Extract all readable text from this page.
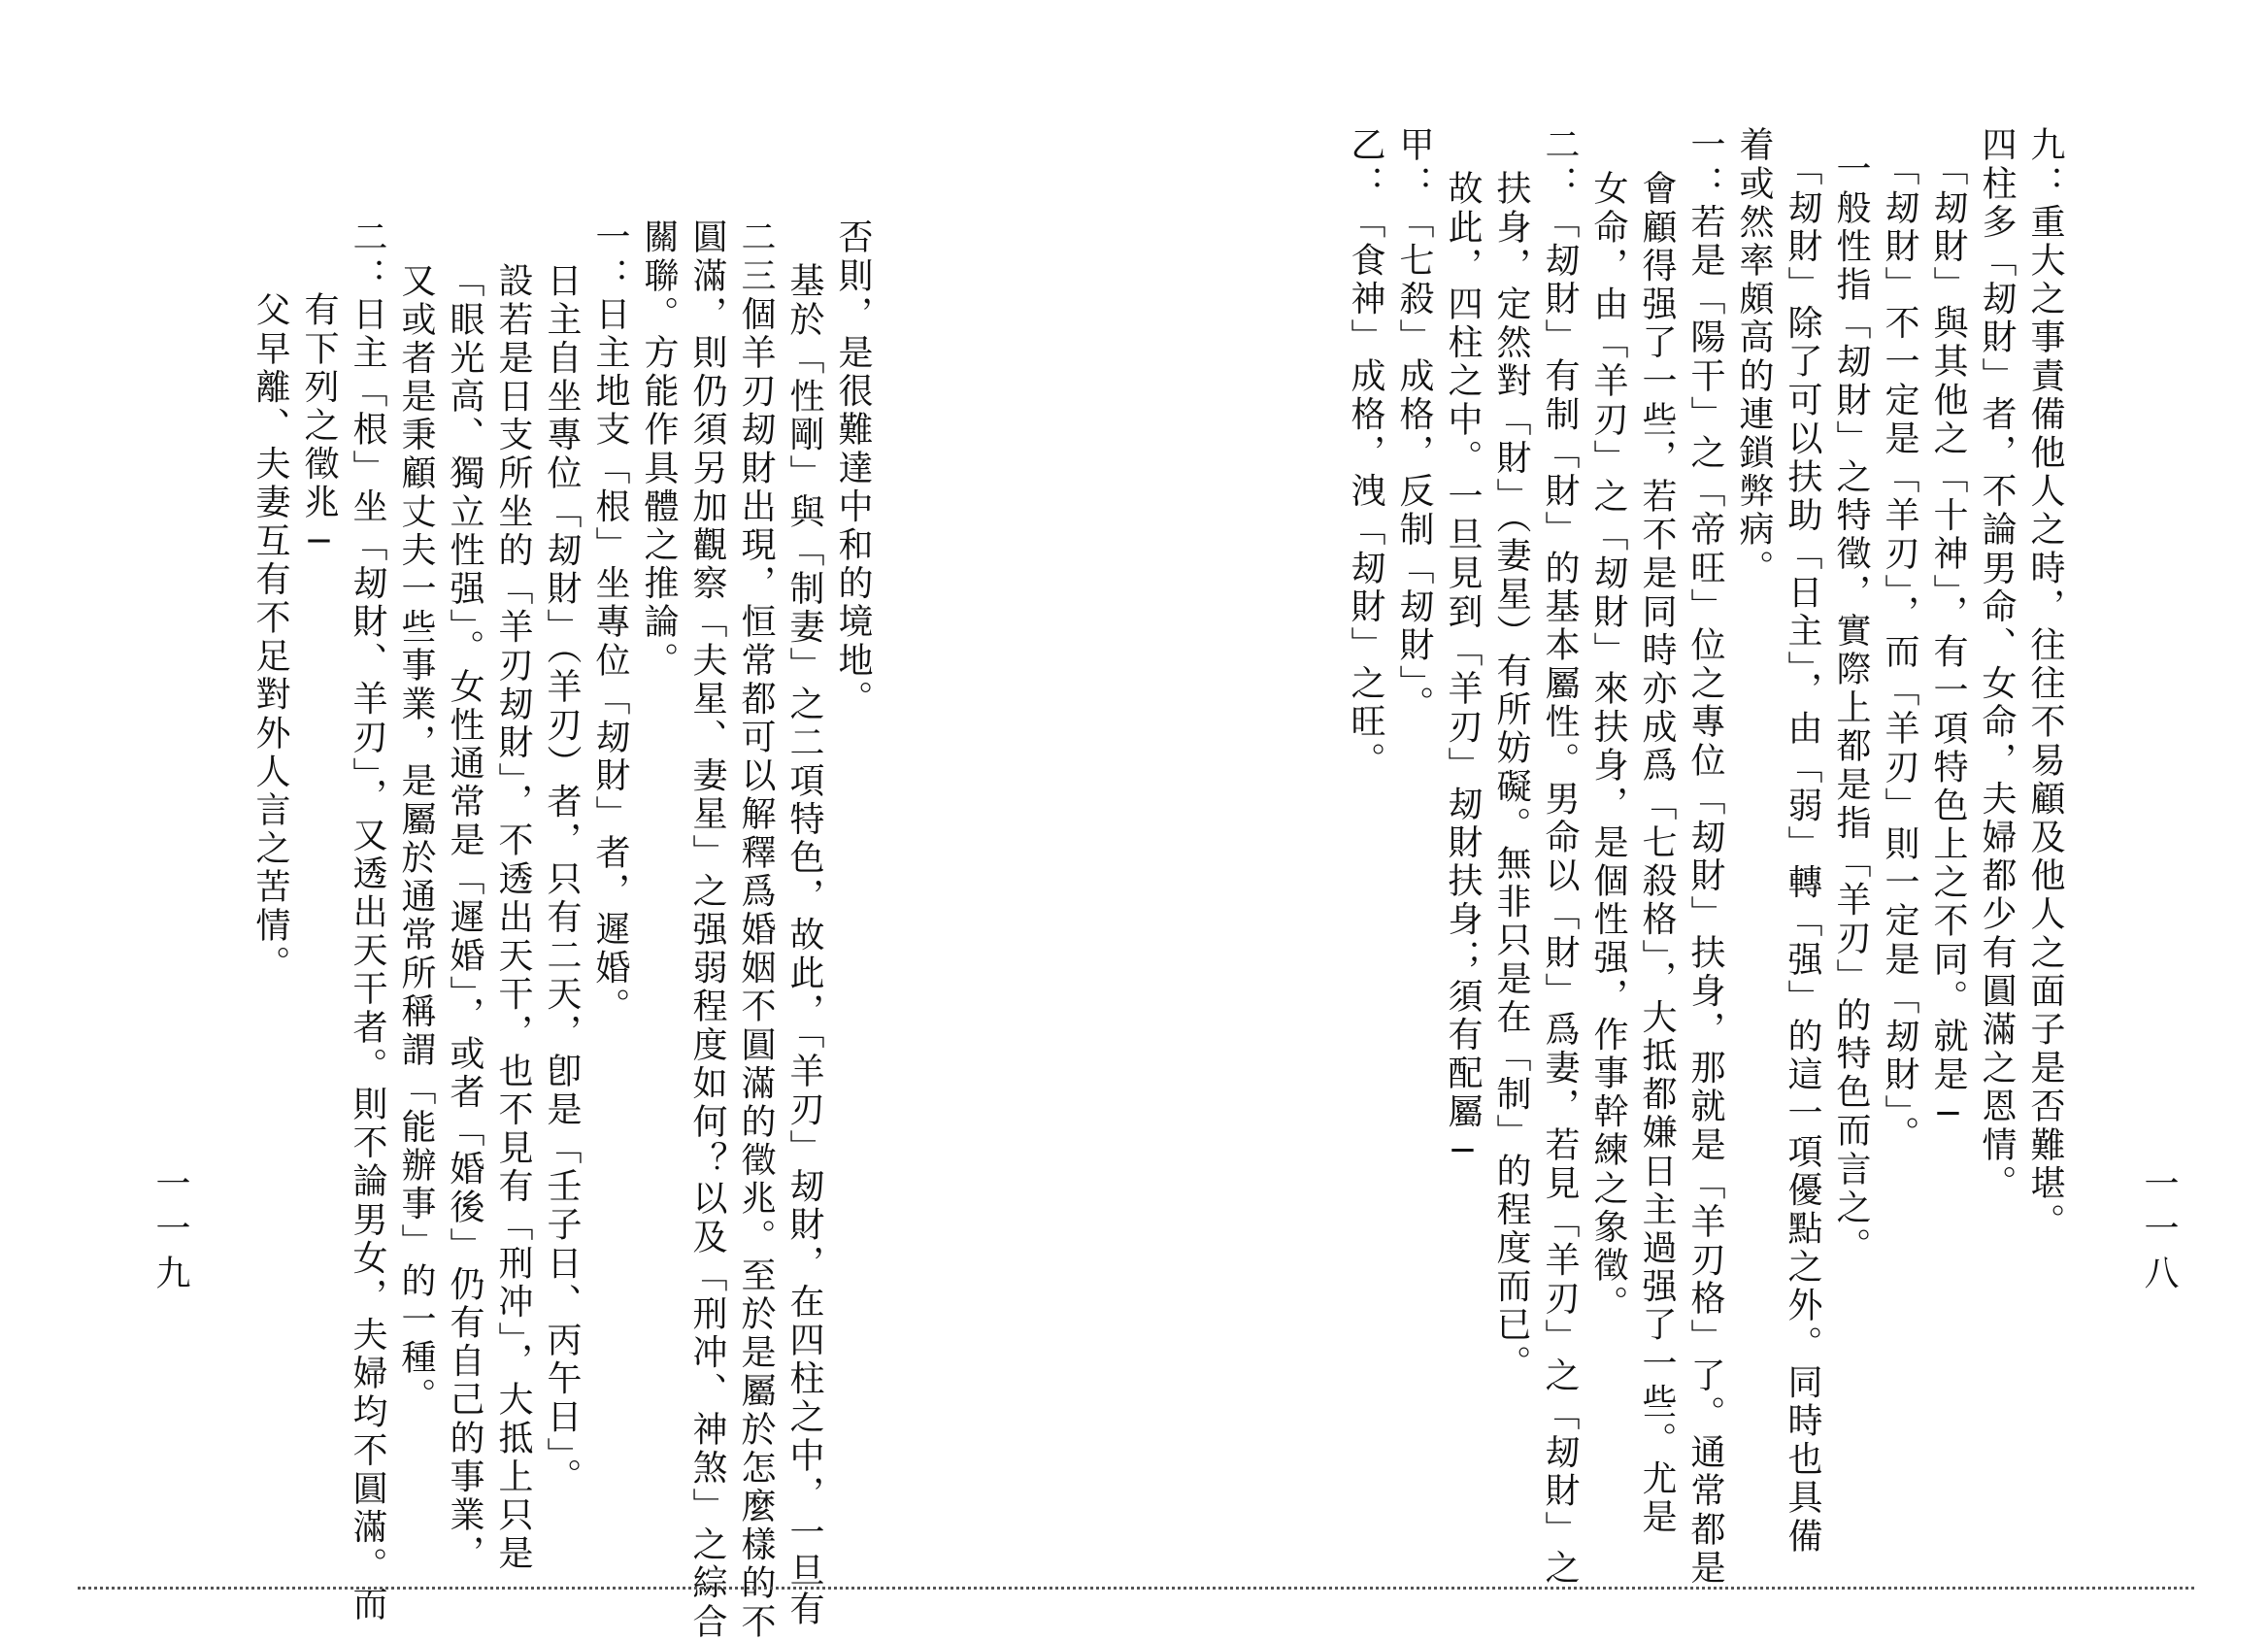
九：重大之事責備他人之時，往往不易顧及他人之面子是否難堪。
四柱多「刼財」者，不論男命、女命，夫婦都少有圓滿之恩情。
「刼財」與其他之「十神」，有一項特色上之不同。就是─
「刼財」不一定是「羊刃」，而「羊刃」則一定是「刼財」。
一般性指「刼財」之特徵，實際上都是指「羊刃」的特色而言之。
「刼財」除了可以扶助「日主」，由「弱」轉「强」的這一項優點之外。同時也具備
着或然率頗高的連鎖弊病。
一：若是「陽干」之「帝旺」位之專位「刼財」扶身，那就是「羊刃格」了。通常都是
會顧得强了一些，若不是同時亦成爲「七殺格」，大抵都嫌日主過强了一些。尤是
女命，由「羊刃」之「刼財」來扶身，是個性强，作事幹練之象徵。
二：「刼財」有制「財」的基本屬性。男命以「財」爲妻，若見「羊刃」之「刼財」之
扶身，定然對「財」（妻星）有所妨礙。無非只是在「制」的程度而已。
故此，四柱之中。一旦見到「羊刃」刼財扶身；須有配屬─
甲：「七殺」成格，反制「刼財」。
乙：「食神」成格，洩「刼財」之旺。
一一八
否則，是很難達中和的境地。
基於「性剛」與「制妻」之二項特色，故此，「羊刃」刼財，在四柱之中，一旦有
二三個羊刃刼財出現，恒常都可以解釋爲婚姻不圓滿的徵兆。至於是屬於怎麼樣的不
圓滿，則仍須另加觀察「夫星、妻星」之强弱程度如何？以及「刑冲、神煞」之綜合
關聯。方能作具體之推論。
一：日主地支「根」坐專位「刼財」者，遲婚。
日主自坐專位「刼財」（羊刃）者，只有二天，卽是「壬子日、丙午日」。
設若是日支所坐的「羊刃刼財」，不透出天干，也不見有「刑冲」，大抵上只是
「眼光高、獨立性强」。女性通常是「遲婚」，或者「婚後」仍有自己的事業，
又或者是秉顧丈夫一些事業，是屬於通常所稱謂「能辦事」的一種。
二：日主「根」坐「刼財、羊刃」，又透出天干者。則不論男女，夫婦均不圓滿。而
有下列之徵兆─
父早離、夫妻互有不足對外人言之苦情。
一一九
